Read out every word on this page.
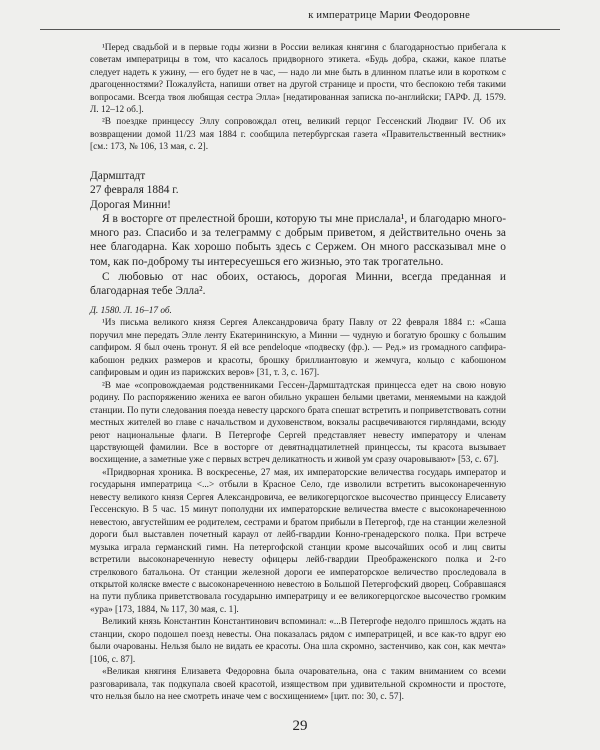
к императрице Марии Феодоровне

¹Перед свадьбой и в первые годы жизни в России великая княгиня с благодарностью прибегала к советам императрицы в том, что касалось придворного этикета. «Будь добра, скажи, какое платье следует надеть к ужину, — его будет не в час, — надо ли мне быть в длинном платье или в коротком с драгоценностями? Пожалуйста, напиши ответ на другой странице и прости, что беспокою тебя такими вопросами. Всегда твоя любящая сестра Элла» [недатированная записка по-английски; ГАРФ. Д. 1579. Л. 12–12 об.].

²В поездке принцессу Эллу сопровождал отец, великий герцог Гессенский Людвиг IV. Об их возвращении домой 11/23 мая 1884 г. сообщила петербургская газета «Правительственный вестник» [см.: 173, № 106, 13 мая, с. 2].

Дармштадт

27 февраля 1884 г.

Дорогая Минни!

Я в восторге от прелестной броши, которую ты мне прислала¹, и благодарю много-много раз. Спасибо и за телеграмму с добрым приветом, я действительно очень за нее благодарна. Как хорошо побыть здесь с Сержем. Он много рассказывал мне о том, как по-доброму ты интересуешься его жизнью, это так трогательно.

С любовью от нас обоих, остаюсь, дорогая Минни, всегда преданная и благодарная тебе Элла².

Д. 1580. Л. 16–17 об.

¹Из письма великого князя Сергея Александровича брату Павлу от 22 февраля 1884 г.: «Саша поручил мне передать Элле ленту Екатерининскую, а Минни — чудную и богатую брошку с большим сапфиром. Я был очень тронут. Я ей все pendeloque «подвеску (фр.). — Ред.» из громадного сапфира-кабошон редких размеров и красоты, брошку бриллиантовую и жемчуга, кольцо с кабошоном сапфировым и один из парижских веров» [31, т. 3, с. 167].

²В мае «сопровождаемая родственниками Гессен-Дармштадтская принцесса едет на свою новую родину. По распоряжению жениха ее вагон обильно украшен белыми цветами, меняемыми на каждой станции. По пути следования поезда невесту царского брата спешат встретить и поприветствовать сотни местных жителей во главе с начальством и духовенством, вокзалы расцвечиваются гирляндами, всюду реют национальные флаги. В Петергофе Сергей представляет невесту императору и членам царствующей фамилии. Все в восторге от девятнадцатилетней принцессы, ты красота вызывает восхищение, а заметные уже с первых встреч деликатность и живой ум сразу очаровывают» [53, с. 67].

«Придворная хроника. В воскресенье, 27 мая, их императорские величества государь император и государыня императрица <...> отбыли в Красное Село, где изволили встретить высоконареченную невесту великого князя Сергея Александровича, ее великогерцогское высочество принцессу Елисавету Гессенскую. В 5 час. 15 минут пополудни их императорские величества вместе с высоконареченною невестою, августейшим ее родителем, сестрами и братом прибыли в Петергоф, где на станции железной дороги был выставлен почетный караул от лейб-гвардии Конно-гренадерского полка. При встрече музыка играла германский гимн. На петергофской станции кроме высочайших особ и лиц свиты встретили высоконареченную невесту офицеры лейб-гвардии Преображенского полка и 2-го стрелкового батальона. От станции железной дороги ее императорское величество проследовала в открытой коляске вместе с высоконареченною невестою в Большой Петергофский дворец. Собравшаяся на пути публика приветствовала государыню императрицу и ее великогерцогское высочество громким «ура» [173, 1884, № 117, 30 мая, с. 1].

Великий князь Константин Константинович вспоминал: «...В Петергофе недолго пришлось ждать на станции, скоро подошел поезд невесты. Она показалась рядом с императрицей, и все как-то вдруг ею были очарованы. Нельзя было не видать ее красоты. Она шла скромно, застенчиво, как сон, как мечта» [106, с. 87].

«Великая княгиня Елизавета Федоровна была очаровательна, она с таким вниманием со всеми разговаривала, так подкупала своей красотой, изяществом при удивительной скромности и простоте, что нельзя было на нее смотреть иначе чем с восхищением» [цит. по: 30, с. 57].

29
